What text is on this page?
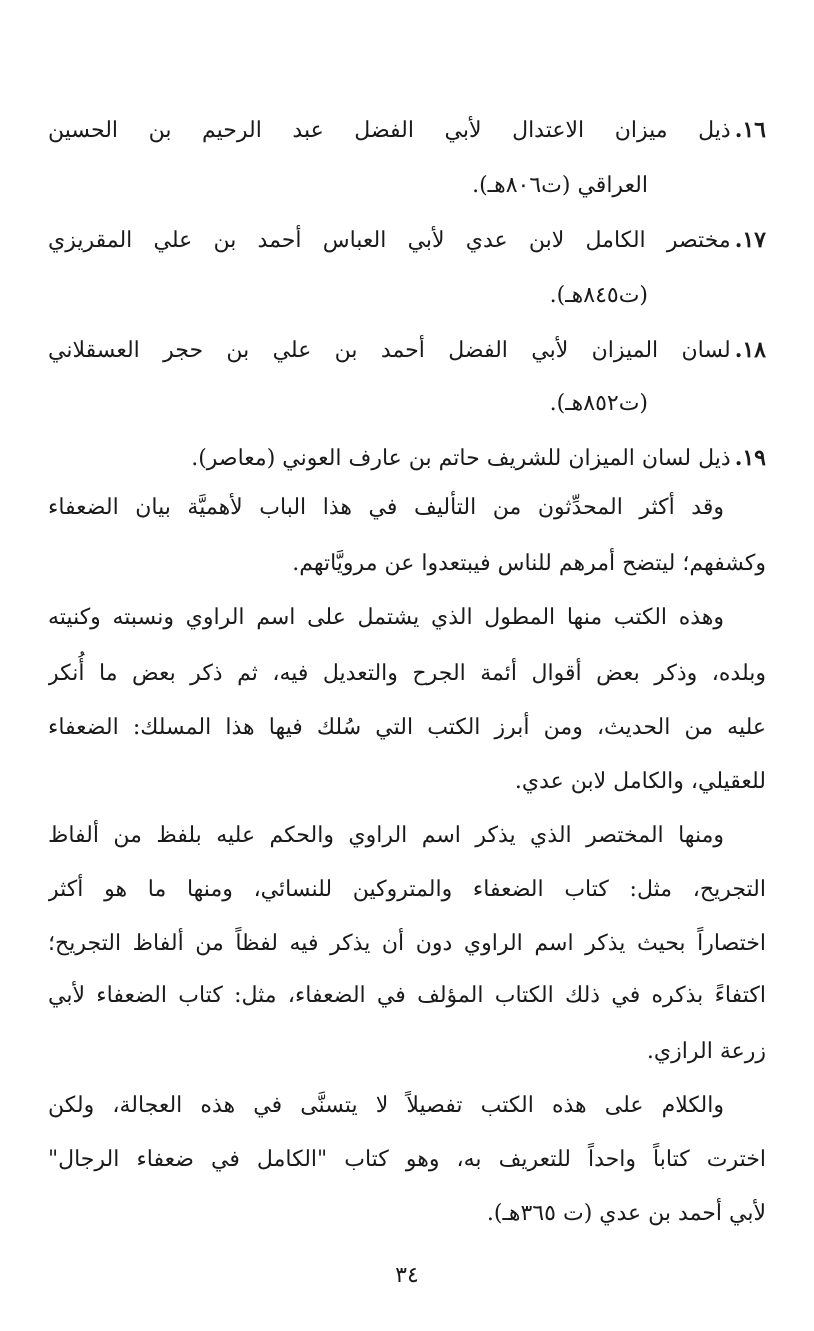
١٦.ذيل ميزان الاعتدال لأبي الفضل عبد الرحيم بن الحسين
العراقي (ت٨٠٦هـ).
١٧.مختصر الكامل لابن عدي لأبي العباس أحمد بن علي المقريزي
(ت٨٤٥هـ).
١٨.لسان الميزان لأبي الفضل أحمد بن علي بن حجر العسقلاني
(ت٨٥٢هـ).
١٩.ذيل لسان الميزان للشريف حاتم بن عارف العوني (معاصر).
وقد أكثر المحدِّثون من التأليف في هذا الباب لأهميَّة بيان الضعفاء
وكشفهم؛ ليتضح أمرهم للناس فيبتعدوا عن مرويَّاتهم.
وهذه الكتب منها المطول الذي يشتمل على اسم الراوي ونسبته وكنيته
وبلده، وذكر بعض أقوال أئمة الجرح والتعديل فيه، ثم ذكر بعض ما أُنكر
عليه من الحديث، ومن أبرز الكتب التي سُلك فيها هذا المسلك: الضعفاء
للعقيلي، والكامل لابن عدي.
ومنها المختصر الذي يذكر اسم الراوي والحكم عليه بلفظ من ألفاظ
التجريح، مثل: كتاب الضعفاء والمتروكين للنسائي، ومنها ما هو أكثر
اختصاراً بحيث يذكر اسم الراوي دون أن يذكر فيه لفظاً من ألفاظ التجريح؛
اكتفاءً بذكره في ذلك الكتاب المؤلف في الضعفاء، مثل: كتاب الضعفاء لأبي
زرعة الرازي.
والكلام على هذه الكتب تفصيلاً لا يتسنَّى في هذه العجالة، ولكن
اخترت كتاباً واحداً للتعريف به، وهو كتاب "الكامل في ضعفاء الرجال"
لأبي أحمد بن عدي (ت ٣٦٥هـ).
٣٤
